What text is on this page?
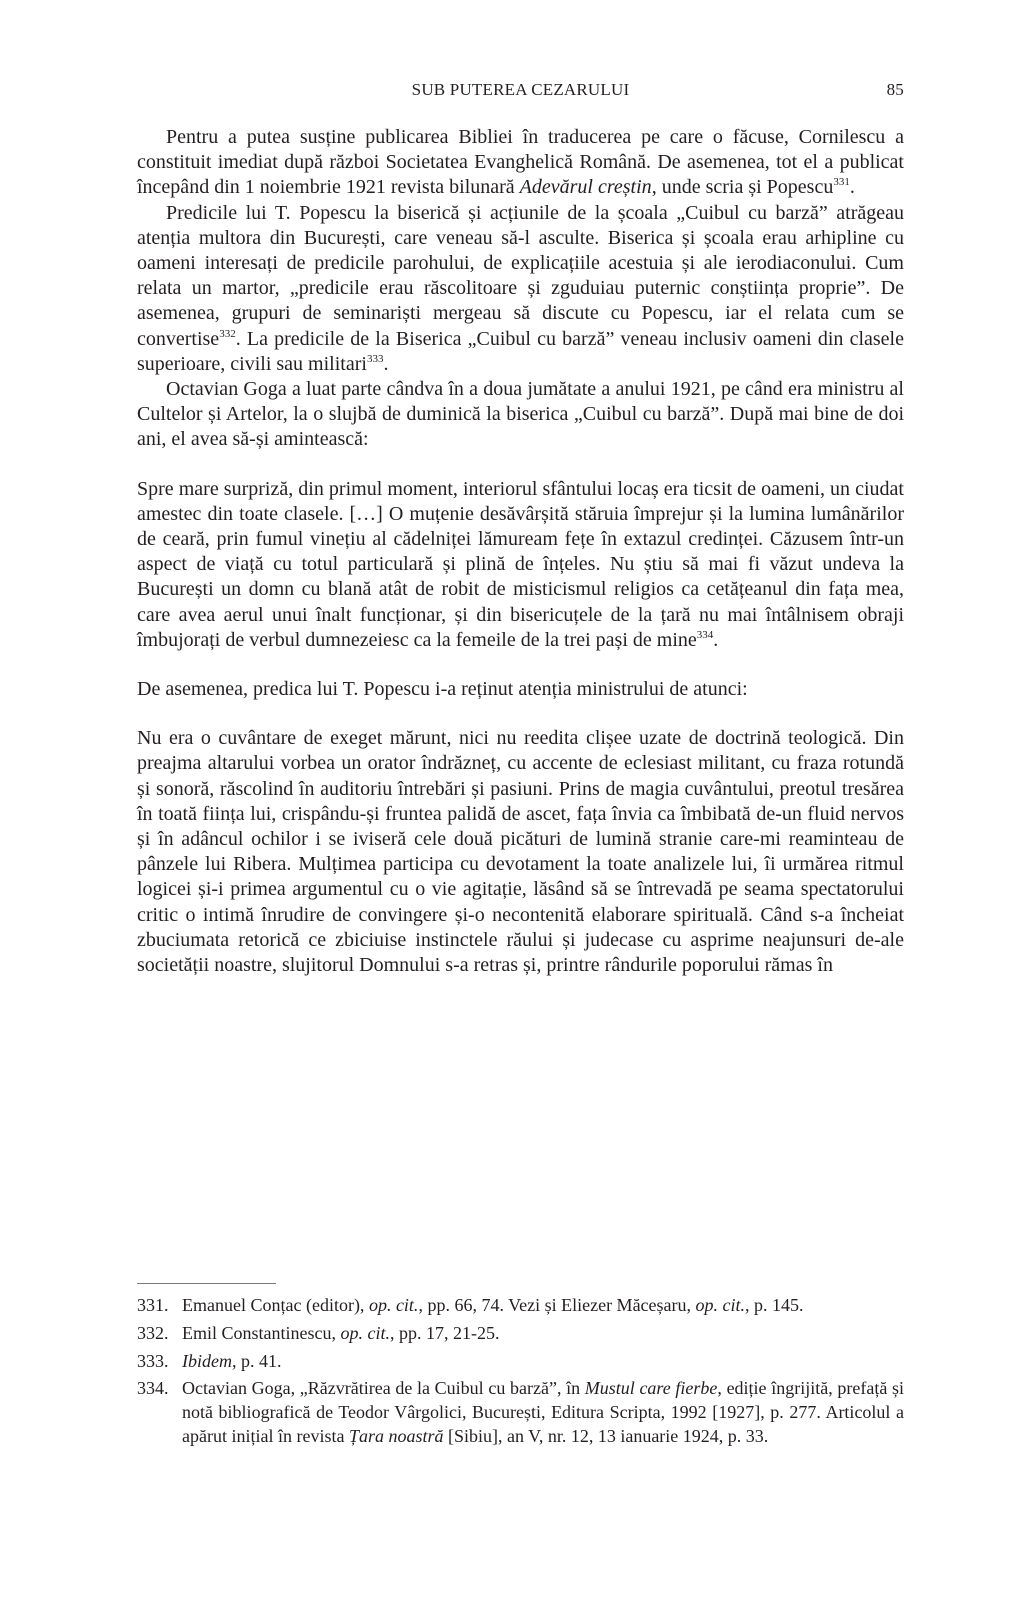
SUB PUTEREA CEZARULUI	85

Pentru a putea susține publicarea Bibliei în traducerea pe care o făcuse, Cornilescu a constituit imediat după război Societatea Evanghelică Română. De asemenea, tot el a publicat începând din 1 noiembrie 1921 revista bilunară Adevărul creștin, unde scria și Popescu$^{331}$.

Predicile lui T. Popescu la biserică și acțiunile de la școala „Cuibul cu barză” atrăgeau atenția multora din București, care veneau să-l asculte. Biserica și școala erau arhipline cu oameni interesați de predicile parohului, de explicațiile acestuia și ale ierodiaconului. Cum relata un martor, „predicile erau răscolitoare și zguduiau puternic conștiința proprie”. De asemenea, grupuri de seminariști mergeau să discute cu Popescu, iar el relata cum se convertise$^{332}$. La predicile de la Biserica „Cuibul cu barză” veneau inclusiv oameni din clasele superioare, civili sau militari$^{333}$.

Octavian Goga a luat parte cândva în a doua jumătate a anului 1921, pe când era ministru al Cultelor și Artelor, la o slujbă de duminică la biserica „Cuibul cu barză”. După mai bine de doi ani, el avea să-și amintească:

Spre mare surpriză, din primul moment, interiorul sfântului locaș era ticsit de oameni, un ciudat amestec din toate clasele. […] O muțenie desăvârșită stăruia împrejur și la lumina lumânărilor de ceară, prin fumul vinețiu al cădelniței lămuream fețe în extazul credinței. Căzusem într-un aspect de viață cu totul particulară și plină de înțeles. Nu știu să mai fi văzut undeva la București un domn cu blană atât de robit de misticismul religios ca cetățeanul din fața mea, care avea aerul unui înalt funcționar, și din bisericuțele de la țară nu mai întâlnisem obraji îmbujorați de verbul dumnezeiesc ca la femeile de la trei pași de mine$^{334}$.

De asemenea, predica lui T. Popescu i-a reținut atenția ministrului de atunci:

Nu era o cuvântare de exeget mărunt, nici nu reedita clișee uzate de doctrină teologică. Din preajma altarului vorbea un orator îndrăzneț, cu accente de eclesiast militant, cu fraza rotundă și sonoră, răscolind în auditoriu întrebări și pasiuni. Prins de magia cuvântului, preotul tresărea în toată ființa lui, crispându-și fruntea palidă de ascet, fața învia ca îmbibată de-un fluid nervos și în adâncul ochilor i se iviseră cele două picături de lumină stranie care-mi reaminteau de pânzele lui Ribera. Mulțimea participa cu devotament la toate analizele lui, îi urmărea ritmul logicei și-i primea argumentul cu o vie agitație, lăsând să se întrevadă pe seama spectatorului critic o intimă înrudire de convingere și-o necontenită elaborare spirituală. Când s-a încheiat zbuciumata retorică ce zbiciuise instinctele răului și judecase cu asprime neajunsuri de-ale societății noastre, slujitorul Domnului s-a retras și, printre rândurile poporului rămas în

331. Emanuel Conțac (editor), op. cit., pp. 66, 74. Vezi și Eliezer Măceșaru, op. cit., p. 145.

332. Emil Constantinescu, op. cit., pp. 17, 21-25.

333. Ibidem, p. 41.

334. Octavian Goga, „Răzvrătirea de la Cuibul cu barză”, în Mustul care fierbe, ediție îngrijită, prefață și notă bibliografică de Teodor Vârgolici, București, Editura Scripta, 1992 [1927], p. 277. Articolul a apărut inițial în revista Țara noastră [Sibiu], an V, nr. 12, 13 ianuarie 1924, p. 33.
